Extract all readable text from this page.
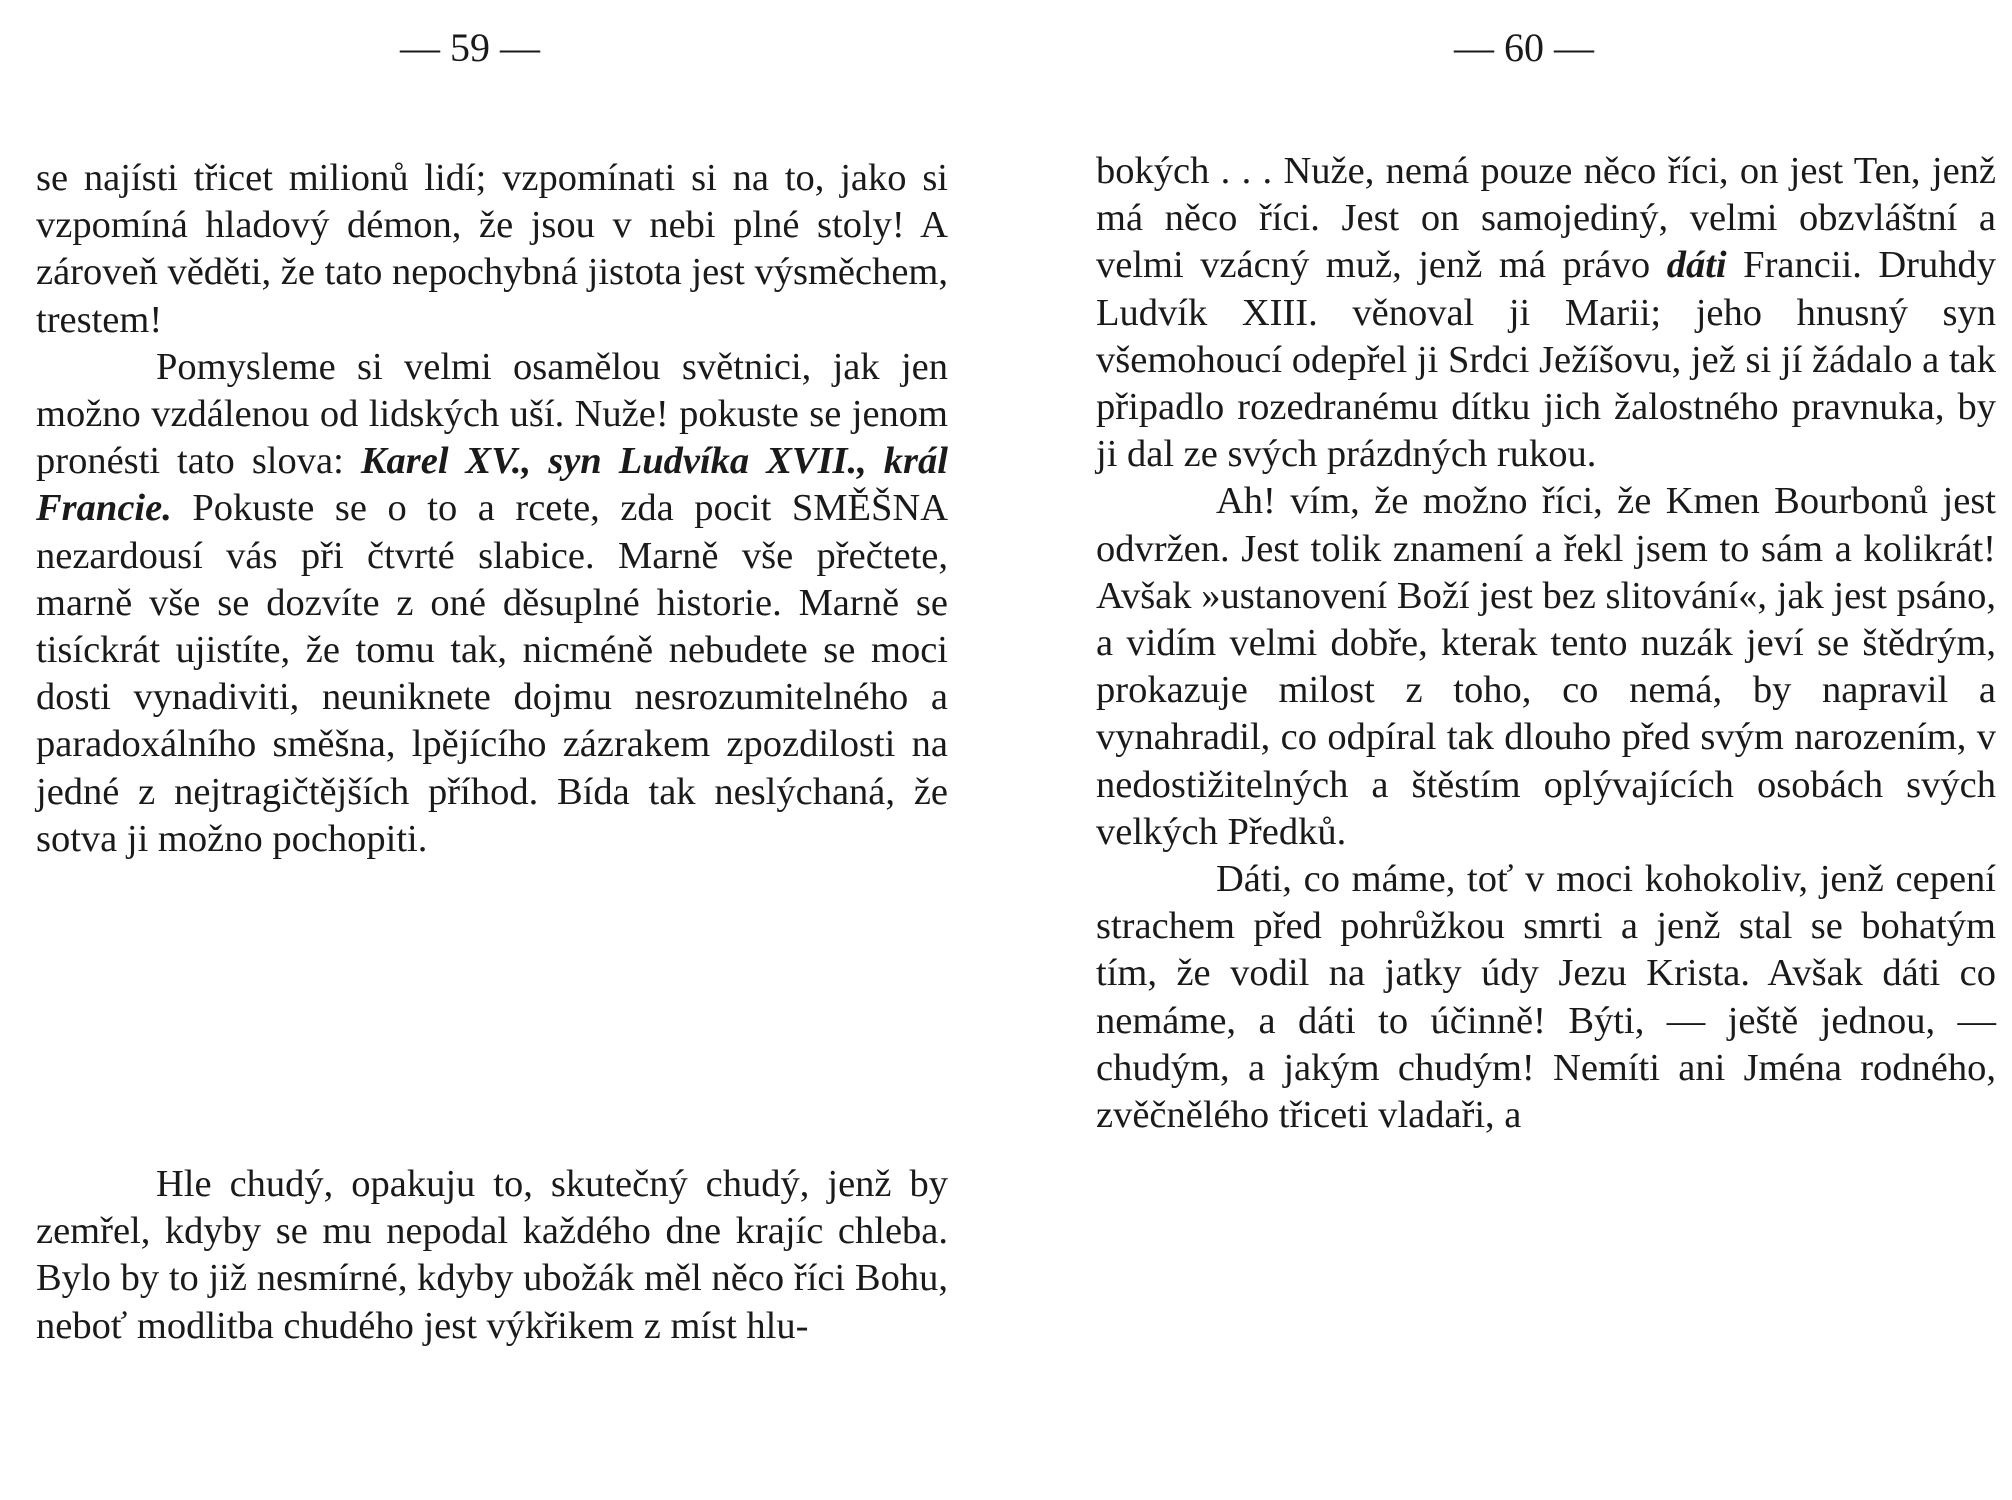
— 59 —

se najísti třicet milionů lidí; vzpomínati si na to, jako si vzpomíná hladový démon, že jsou v nebi plné stoly! A zároveň věděti, že tato nepochybná jistota jest výsměchem, trestem!

Pomysleme si velmi osamělou světnici, jak jen možno vzdálenou od lidských uší. Nuže! pokuste se jenom pronésti tato slova: Karel XV., syn Ludvíka XVII., král Francie. Pokuste se o to a rcete, zda pocit SMĚŠNA nezardousí vás při čtvrté slabice. Marně vše přečtete, marně vše se dozvíte z oné děsuplné historie. Marně se tisíckrát ujistíte, že tomu tak, nicméně nebudete se moci dosti vynadiviti, neuniknete dojmu nesrozumitelného a paradoxálního směšna, lpějícího zázrakem zpozdilosti na jedné z nejtragičtějších příhod. Bída tak neslýchaná, že sotva ji možno pochopiti.

Hle chudý, opakuju to, skutečný chudý, jenž by zemřel, kdyby se mu nepodal každého dne krajíc chleba. Bylo by to již nesmírné, kdyby ubožák měl něco říci Bohu, neboť modlitba chudého jest výkřikem z míst hlu-

— 60 —

bokých . . . Nuže, nemá pouze něco říci, on jest Ten, jenž má něco říci. Jest on samojediný, velmi obzvláštní a velmi vzácný muž, jenž má právo dáti Francii. Druhdy Ludvík XIII. věnoval ji Marii; jeho hnusný syn všemohoucí odepřel ji Srdci Ježíšovu, jež si jí žádalo a tak připadlo rozedranému dítku jich žalostného pravnuka, by ji dal ze svých prázdných rukou.

Ah! vím, že možno říci, že Kmen Bourbonů jest odvržen. Jest tolik znamení a řekl jsem to sám a kolikrát! Avšak »ustanovení Boží jest bez slitování«, jak jest psáno, a vidím velmi dobře, kterak tento nuzák jeví se štědrým, prokazuje milost z toho, co nemá, by napravil a vynahradil, co odpíral tak dlouho před svým narozením, v nedostižitelných a štěstím oplývajících osobách svých velkých Předků.

Dáti, co máme, toť v moci kohokoliv, jenž cepení strachem před pohrůžkou smrti a jenž stal se bohatým tím, že vodil na jatky údy Jezu Krista. Avšak dáti co nemáme, a dáti to účinně! Býti, — ještě jednou, — chudým, a jakým chudým! Nemíti ani Jména rodného, zvěčnělého třiceti vladaři, a
